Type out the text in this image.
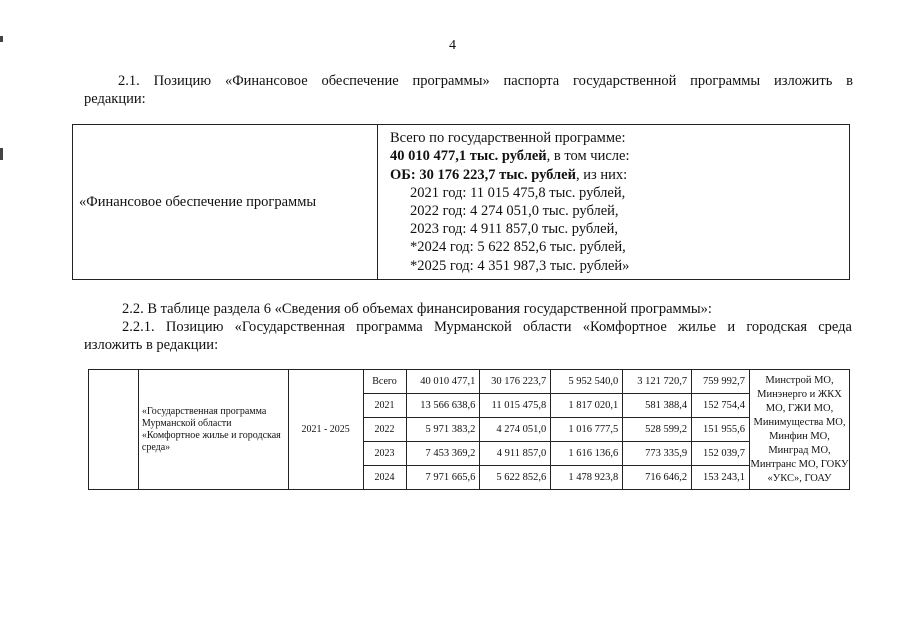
4
2.1. Позицию «Финансовое обеспечение программы» паспорта государственной программы изложить в
редакции:
«Финансовое обеспечение программы	
Всего по государственной программе:
40 010 477,1 тыс. рублей, в том числе:
ОБ: 30 176 223,7 тыс. рублей, из них:
2021 год: 11 015 475,8 тыс. рублей,
2022 год: 4 274 051,0 тыс. рублей,
2023 год: 4 911 857,0 тыс. рублей,
*2024 год: 5 622 852,6 тыс. рублей,
*2025 год: 4 351 987,3 тыс. рублей»
2.2. В таблице раздела 6 «Сведения об объемах финансирования государственной программы»:
2.2.1. Позицию «Государственная программа Мурманской области «Комфортное жилье и городская среда
изложить в редакции:
	«Государственная программа Мурманской области «Комфортное жилье и городская среда»	2021 - 2025	Всего	40 010 477,1	30 176 223,7	5 952 540,0	3 121 720,7	759 992,7	Минстрой МО, Минэнерго и ЖКХ МО, ГЖИ МО, Минимущества МО, Минфин МО, Минград МО, Минтранс МО, ГОКУ «УКС», ГОАУ
			2021	13 566 638,6	11 015 475,8	1 817 020,1	581 388,4	152 754,4	
			2022	5 971 383,2	4 274 051,0	1 016 777,5	528 599,2	151 955,6	
			2023	7 453 369,2	4 911 857,0	1 616 136,6	773 335,9	152 039,7	
			2024	7 971 665,6	5 622 852,6	1 478 923,8	716 646,2	153 243,1	
